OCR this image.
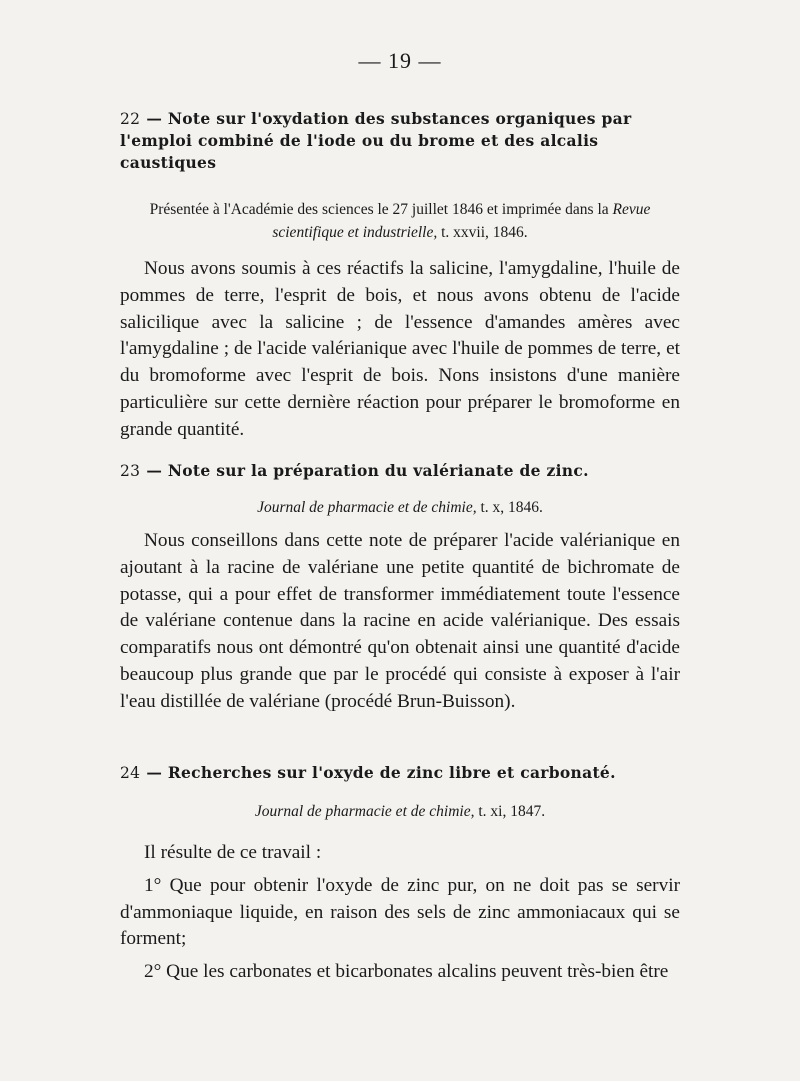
— 19 —
22 — Note sur l'oxydation des substances organiques par l'emploi combiné de l'iode ou du brome et des alcalis caustiques
Présentée à l'Académie des sciences le 27 juillet 1846 et imprimée dans la Revue scientifique et industrielle, t. xxvii, 1846.

Nous avons soumis à ces réactifs la salicine, l'amygdaline, l'huile de pommes de terre, l'esprit de bois, et nous avons obtenu de l'acide salicilique avec la salicine ; de l'essence d'amandes amères avec l'amygdaline ; de l'acide valérianique avec l'huile de pommes de terre, et du bromoforme avec l'esprit de bois. Nons insistons d'une manière particulière sur cette dernière réaction pour préparer le bromoforme en grande quantité.

23 — Note sur la préparation du valérianate de zinc.
Journal de pharmacie et de chimie, t. x, 1846.

Nous conseillons dans cette note de préparer l'acide valérianique en ajoutant à la racine de valériane une petite quantité de bichromate de potasse, qui a pour effet de transformer immédiatement toute l'essence de valériane contenue dans la racine en acide valérianique. Des essais comparatifs nous ont démontré qu'on obtenait ainsi une quantité d'acide beaucoup plus grande que par le procédé qui consiste à exposer à l'air l'eau distillée de valériane (procédé Brun-Buisson).

24 — Recherches sur l'oxyde de zinc libre et carbonaté.
Journal de pharmacie et de chimie, t. xi, 1847.

Il résulte de ce travail :

1° Que pour obtenir l'oxyde de zinc pur, on ne doit pas se servir d'ammoniaque liquide, en raison des sels de zinc ammoniacaux qui se forment;

2° Que les carbonates et bicarbonates alcalins peuvent très-bien être
